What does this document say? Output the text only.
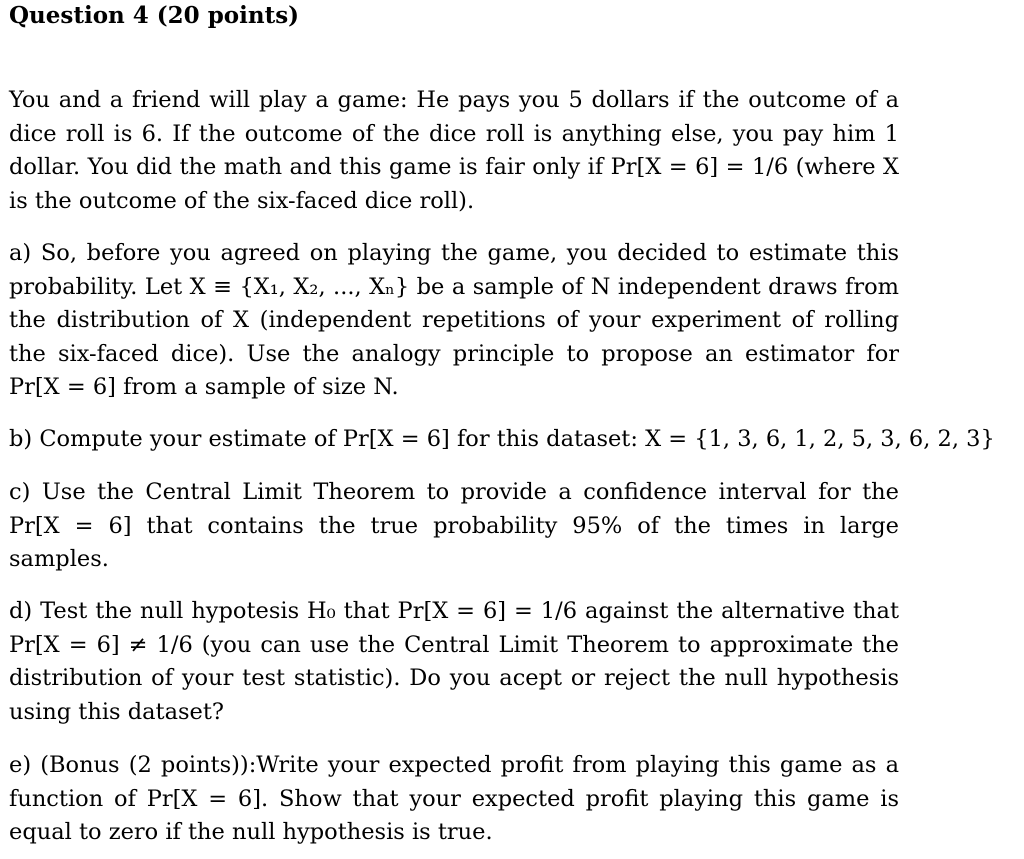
Question 4 (20 points)

You and a friend will play a game: He pays you 5 dollars if the outcome of a dice roll is 6. If the outcome of the dice roll is anything else, you pay him 1 dollar. You did the math and this game is fair only if Pr[X = 6] = 1/6 (where X is the outcome of the six-faced dice roll).

a) So, before you agreed on playing the game, you decided to estimate this probability. Let X ≡ {X₁, X₂, ..., Xₙ} be a sample of N independent draws from the distribution of X (independent repetitions of your experiment of rolling the six-faced dice). Use the analogy principle to propose an estimator for Pr[X = 6] from a sample of size N.

b) Compute your estimate of Pr[X = 6] for this dataset: X = {1, 3, 6, 1, 2, 5, 3, 6, 2, 3}

c) Use the Central Limit Theorem to provide a confidence interval for the Pr[X = 6] that contains the true probability 95% of the times in large samples.

d) Test the null hypotesis H₀ that Pr[X = 6] = 1/6 against the alternative that Pr[X = 6] ≠ 1/6 (you can use the Central Limit Theorem to approximate the distribution of your test statistic). Do you acept or reject the null hypothesis using this dataset?

e) (Bonus (2 points)):Write your expected profit from playing this game as a function of Pr[X = 6]. Show that your expected profit playing this game is equal to zero if the null hypothesis is true.
